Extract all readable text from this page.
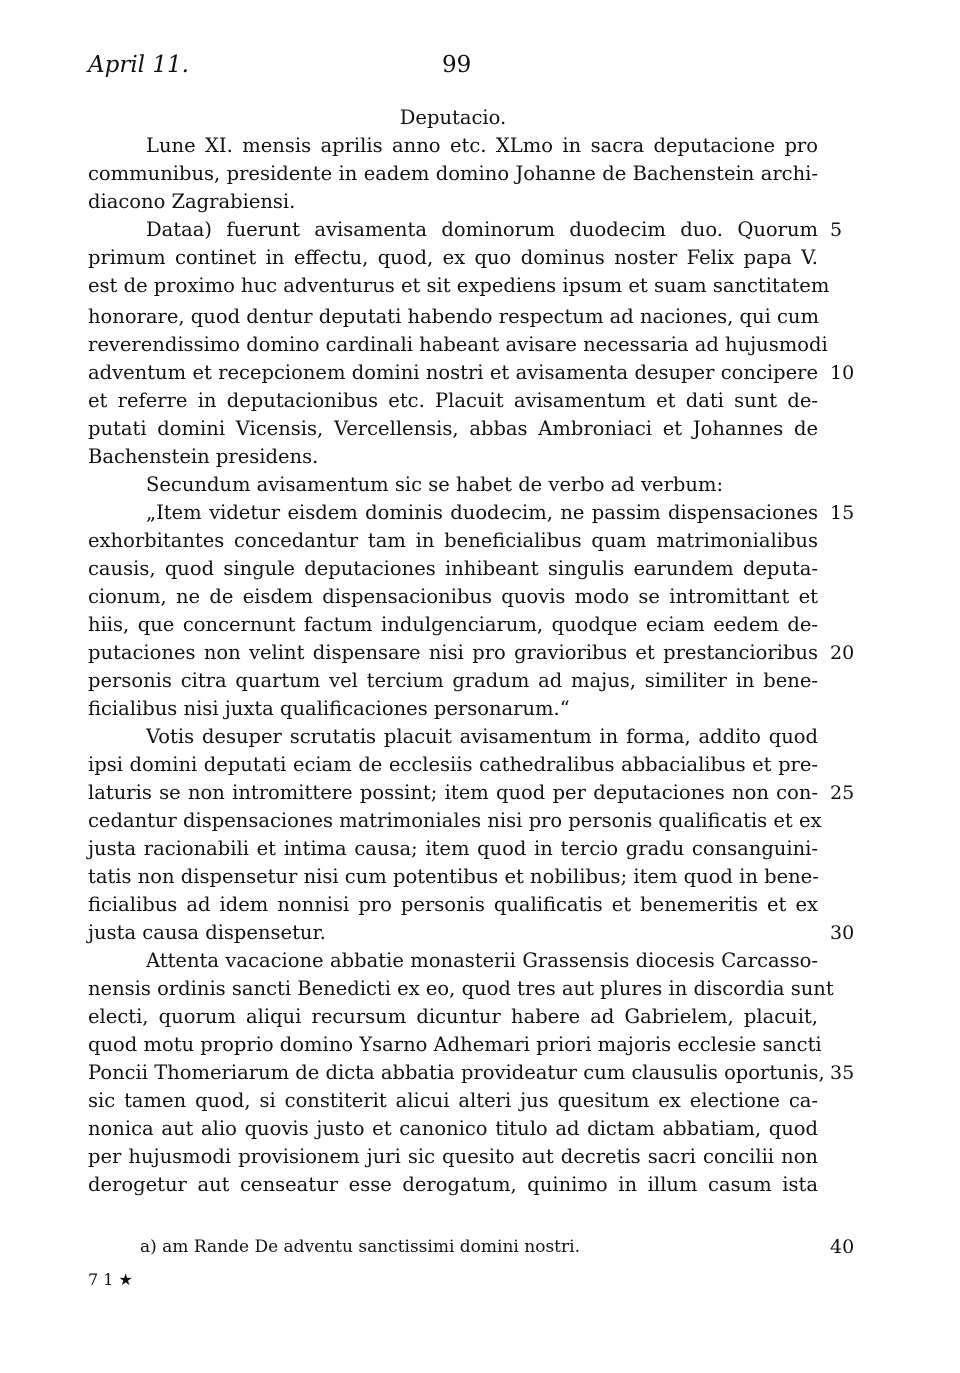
April 11.	99
Deputacio.
Lune XI. mensis aprilis anno etc. XLmo in sacra deputacione pro
communibus, presidente in eadem domino Johanne de Bachenstein archi-
diacono Zagrabiensi.
Dataa) fuerunt avisamenta dominorum duodecim duo. Quorum
primum continet in effectu, quod, ex quo dominus noster Felix papa V.
est de proximo huc adventurus et sit expediens ipsum et suam sanctitatem
honorare, quod dentur deputati habendo respectum ad naciones, qui cum
reverendissimo domino cardinali habeant avisare necessaria ad hujusmodi
adventum et recepcionem domini nostri et avisamenta desuper concipere
et referre in deputacionibus etc. Placuit avisamentum et dati sunt de-
putati domini Vicensis, Vercellensis, abbas Ambroniaci et Johannes de
Bachenstein presidens.
Secundum avisamentum sic se habet de verbo ad verbum:
„Item videtur eisdem dominis duodecim, ne passim dispensaciones
exhorbitantes concedantur tam in beneficialibus quam matrimonialibus
causis, quod singule deputaciones inhibeant singulis earundem deputa-
cionum, ne de eisdem dispensacionibus quovis modo se intromittant et
hiis, que concernunt factum indulgenciarum, quodque eciam eedem de-
putaciones non velint dispensare nisi pro gravioribus et prestancioribus
personis citra quartum vel tercium gradum ad majus, similiter in bene-
ficialibus nisi juxta qualificaciones personarum.“
Votis desuper scrutatis placuit avisamentum in forma, addito quod
ipsi domini deputati eciam de ecclesiis cathedralibus abbacialibus et pre-
laturis se non intromittere possint; item quod per deputaciones non con-
cedantur dispensaciones matrimoniales nisi pro personis qualificatis et ex
justa racionabili et intima causa; item quod in tercio gradu consanguini-
tatis non dispensetur nisi cum potentibus et nobilibus; item quod in bene-
ficialibus ad idem nonnisi pro personis qualificatis et benemeritis et ex
justa causa dispensetur.
Attenta vacacione abbatie monasterii Grassensis diocesis Carcasso-
nensis ordinis sancti Benedicti ex eo, quod tres aut plures in discordia sunt
electi, quorum aliqui recursum dicuntur habere ad Gabrielem, placuit,
quod motu proprio domino Ysarno Adhemari priori majoris ecclesie sancti
Poncii Thomeriarum de dicta abbatia provideatur cum clausulis oportunis,
sic tamen quod, si constiterit alicui alteri jus quesitum ex electione ca-
nonica aut alio quovis justo et canonico titulo ad dictam abbatiam, quod
per hujusmodi provisionem juri sic quesito aut decretis sacri concilii non
derogetur aut censeatur esse derogatum, quinimo in illum casum ista
5
10
15
20
25
30
35
a) am Rande De adventu sanctissimi domini nostri.	40
7 1 ★
